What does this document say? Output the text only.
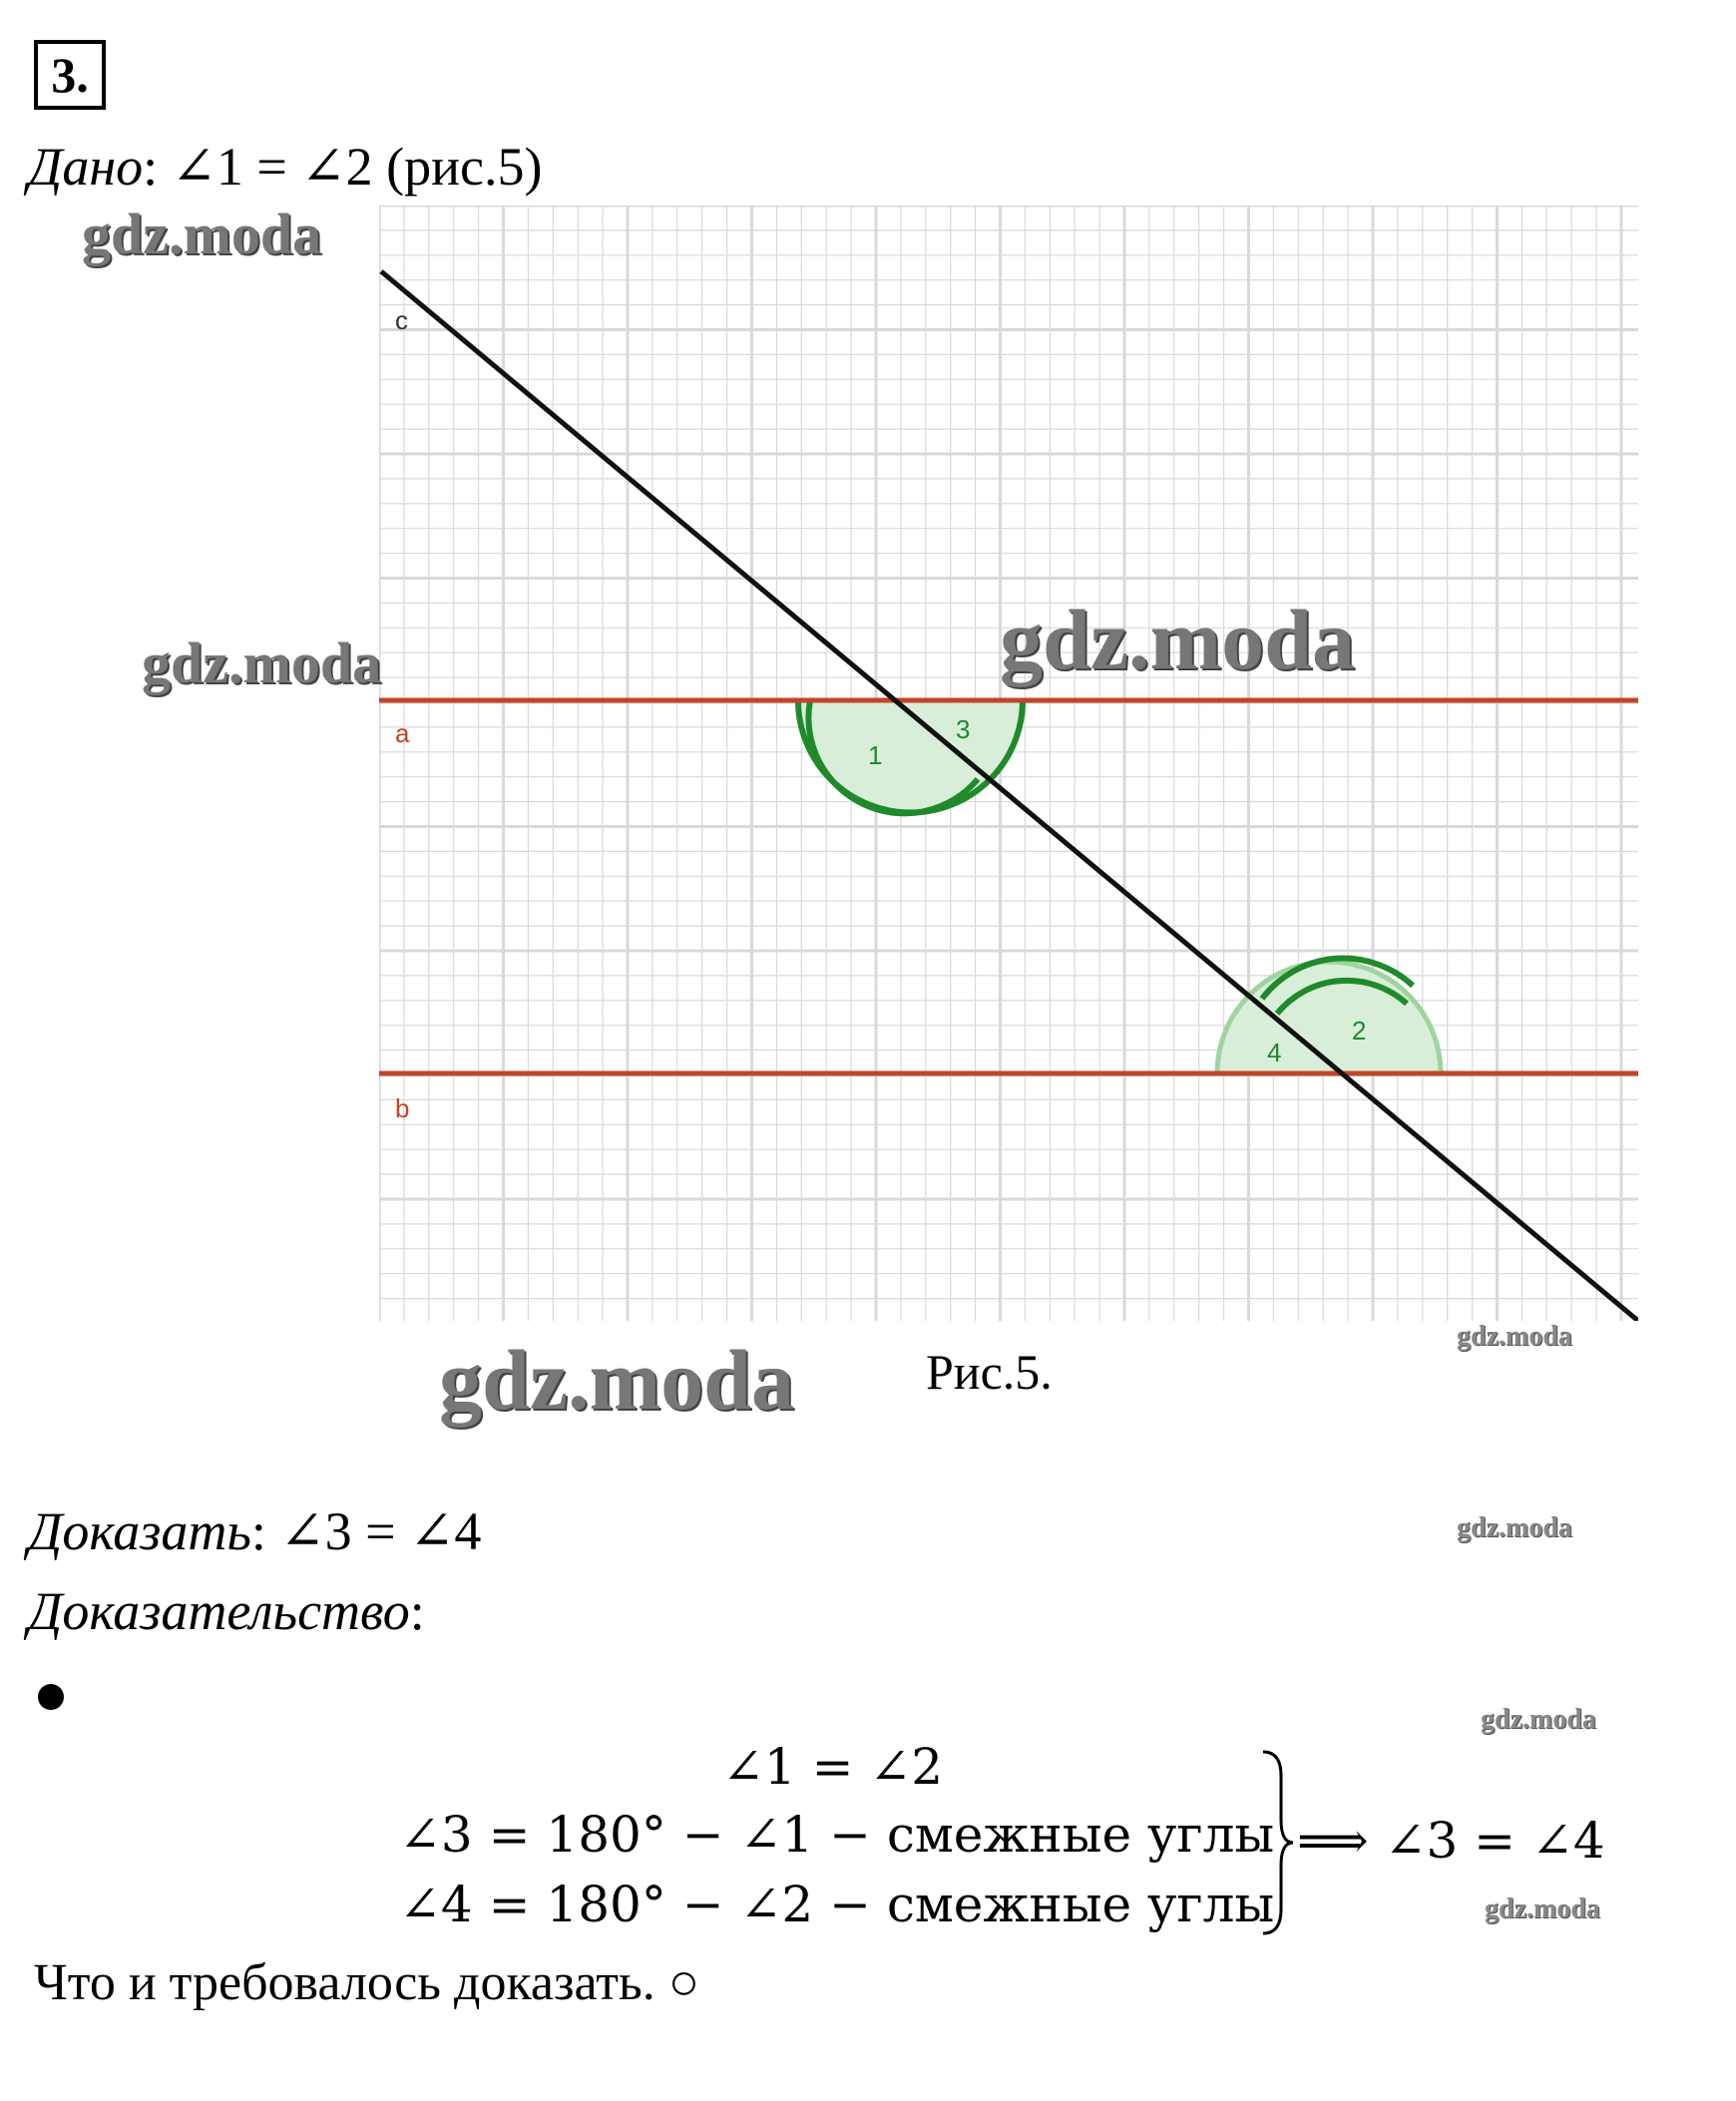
3.
Дано: ∠1 = ∠2 (рис.5)
c
a
b
1
3
4
2
gdz.moda
gdz.moda	gdz.moda
gdz.moda	gdz.moda
gdz.moda
gdz.moda
gdz.moda
Рис.5.
Доказать: ∠3 = ∠4
Доказательство:
∠1 = ∠2
∠3 = 180° − ∠1 − смежные углы
∠4 = 180° − ∠2 − смежные углы
⟹ ∠3 = ∠4
Что и требовалось доказать. ○
